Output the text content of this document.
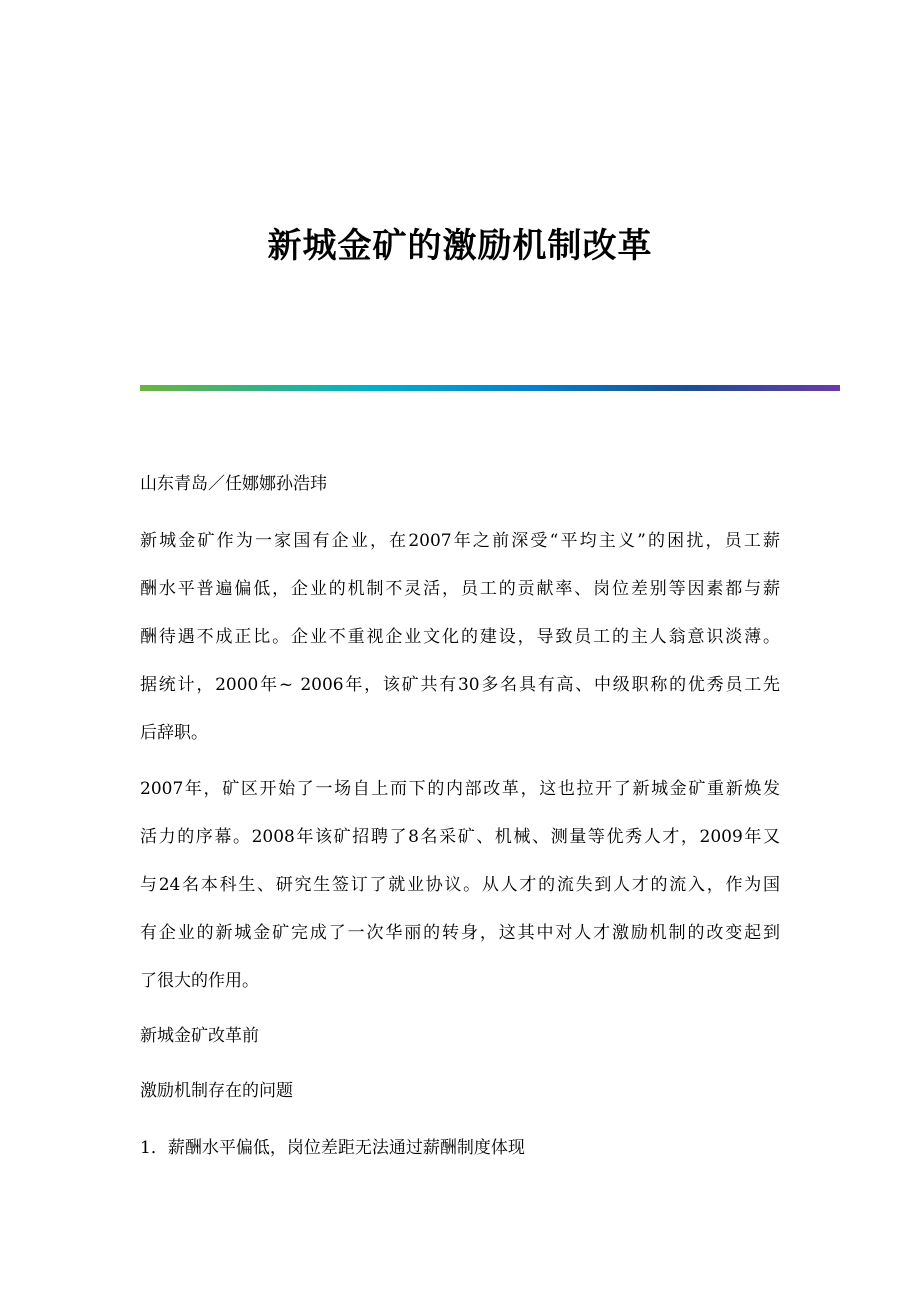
新城金矿的激励机制改革
山东青岛／任娜娜孙浩玮
新城金矿作为一家国有企业，在2007年之前深受“平均主义”的困扰，员工薪
酬水平普遍偏低，企业的机制不灵活，员工的贡献率、岗位差别等因素都与薪
酬待遇不成正比。企业不重视企业文化的建设，导致员工的主人翁意识淡薄。
据统计，2000年~ 2006年，该矿共有30多名具有高、中级职称的优秀员工先
后辞职。
2007年，矿区开始了一场自上而下的内部改革，这也拉开了新城金矿重新焕发
活力的序幕。2008年该矿招聘了8名采矿、机械、测量等优秀人才，2009年又
与24名本科生、研究生签订了就业协议。从人才的流失到人才的流入，作为国
有企业的新城金矿完成了一次华丽的转身，这其中对人才激励机制的改变起到
了很大的作用。
新城金矿改革前
激励机制存在的问题
1．薪酬水平偏低，岗位差距无法通过薪酬制度体现
